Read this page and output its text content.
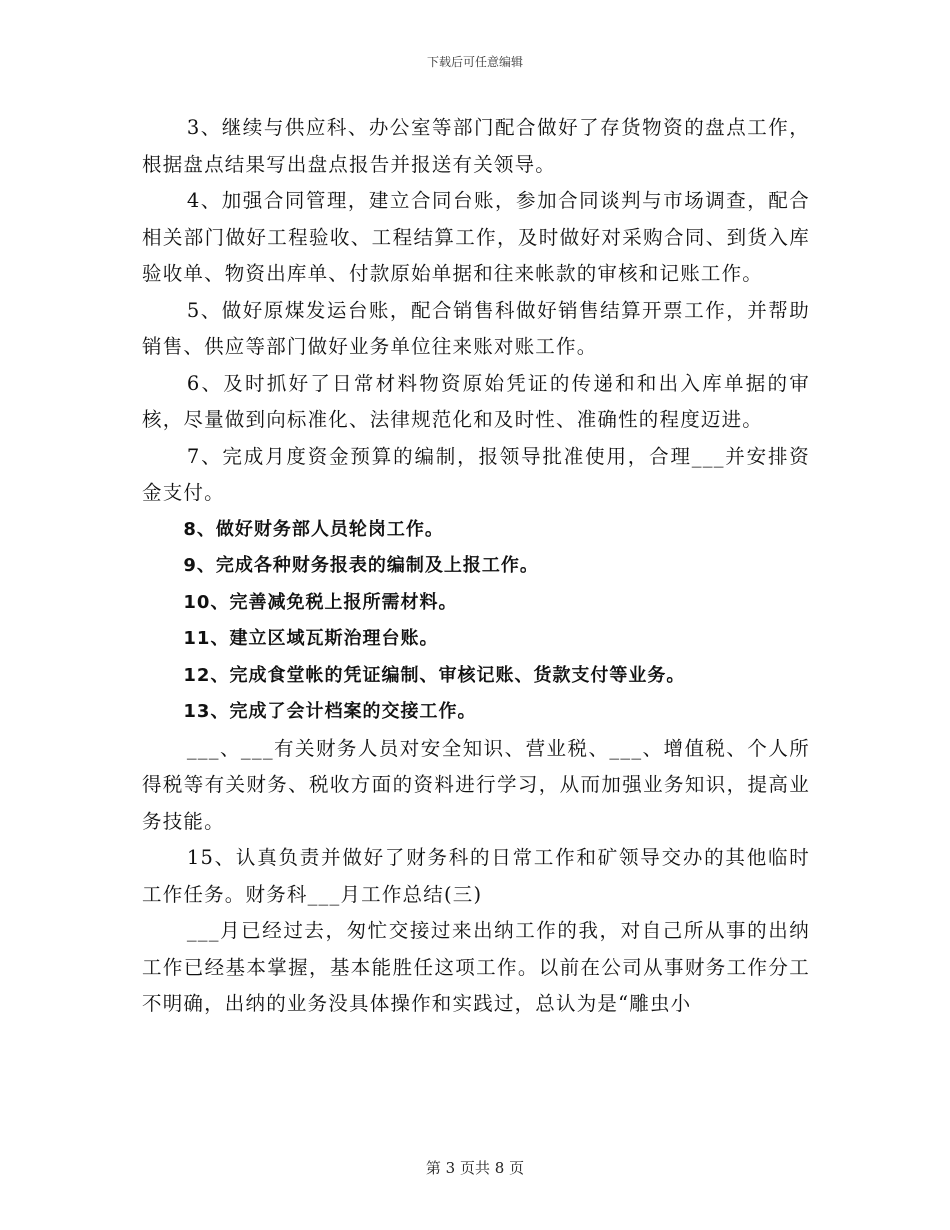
下载后可任意编辑

3、继续与供应科、办公室等部门配合做好了存货物资的盘点工作，根据盘点结果写出盘点报告并报送有关领导。

4、加强合同管理，建立合同台账，参加合同谈判与市场调查，配合相关部门做好工程验收、工程结算工作，及时做好对采购合同、到货入库验收单、物资出库单、付款原始单据和往来帐款的审核和记账工作。

5、做好原煤发运台账，配合销售科做好销售结算开票工作，并帮助销售、供应等部门做好业务单位往来账对账工作。

6、及时抓好了日常材料物资原始凭证的传递和和出入库单据的审核，尽量做到向标准化、法律规范化和及时性、准确性的程度迈进。

7、完成月度资金预算的编制，报领导批准使用，合理___并安排资金支付。

8、做好财务部人员轮岗工作。

9、完成各种财务报表的编制及上报工作。

10、完善减免税上报所需材料。

11、建立区域瓦斯治理台账。

12、完成食堂帐的凭证编制、审核记账、货款支付等业务。

13、完成了会计档案的交接工作。

___、___有关财务人员对安全知识、营业税、___、增值税、个人所得税等有关财务、税收方面的资料进行学习，从而加强业务知识，提高业务技能。

15、认真负责并做好了财务科的日常工作和矿领导交办的其他临时工作任务。财务科___月工作总结(三)

___月已经过去，匆忙交接过来出纳工作的我，对自己所从事的出纳工作已经基本掌握，基本能胜任这项工作。以前在公司从事财务工作分工不明确，出纳的业务没具体操作和实践过，总认为是“雕虫小

第 3 页共 8 页
